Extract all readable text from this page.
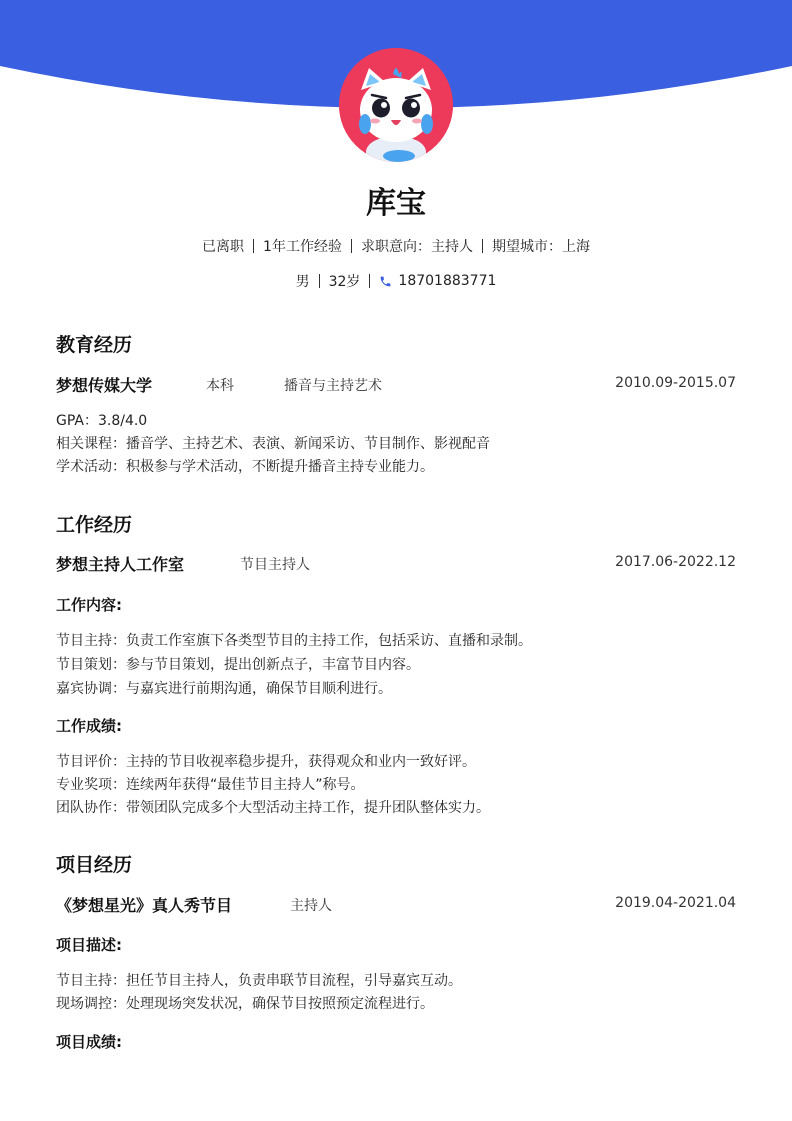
库宝
已离职 1年工作经验 求职意向：主持人 期望城市：上海
男 32岁	18701883771
教育经历
梦想传媒大学	本科	播音与主持艺术	2010.09-2015.07
GPA：3.8/4.0
相关课程：播音学、主持艺术、表演、新闻采访、节目制作、影视配音
学术活动：积极参与学术活动，不断提升播音主持专业能力。
工作经历
梦想主持人工作室	节目主持人	2017.06-2022.12
工作内容:
节目主持：负责工作室旗下各类型节目的主持工作，包括采访、直播和录制。
节目策划：参与节目策划，提出创新点子，丰富节目内容。
嘉宾协调：与嘉宾进行前期沟通，确保节目顺利进行。
工作成绩:
节目评价：主持的节目收视率稳步提升，获得观众和业内一致好评。
专业奖项：连续两年获得“最佳节目主持人”称号。
团队协作：带领团队完成多个大型活动主持工作，提升团队整体实力。
项目经历
《梦想星光》真人秀节目	主持人	2019.04-2021.04
项目描述:
节目主持：担任节目主持人，负责串联节目流程，引导嘉宾互动。
现场调控：处理现场突发状况，确保节目按照预定流程进行。
项目成绩:
